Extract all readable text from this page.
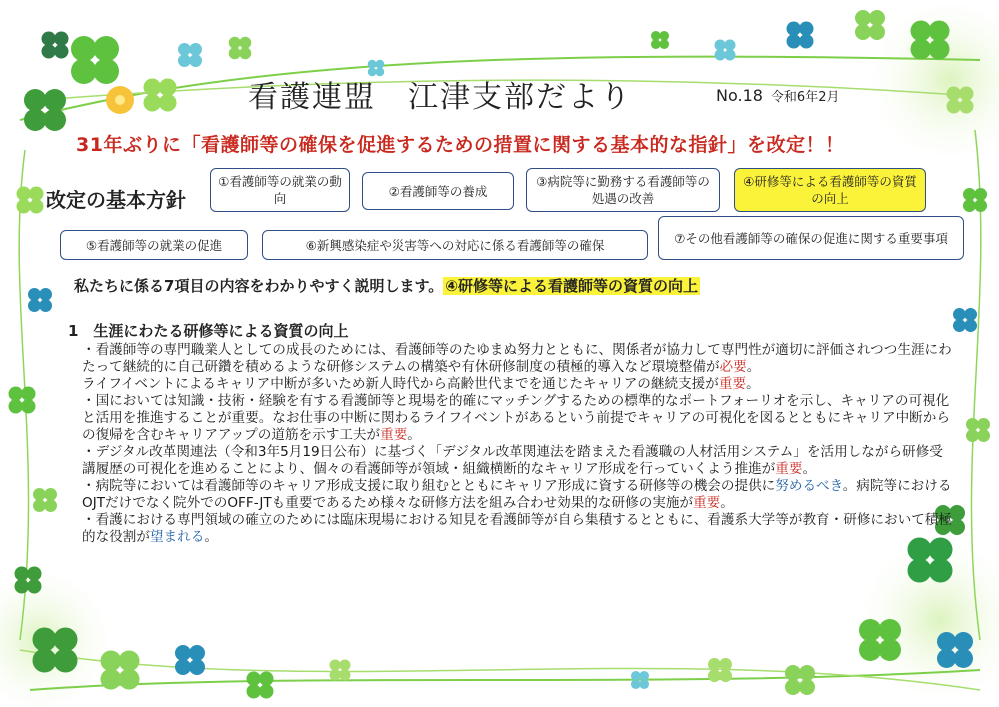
看護連盟　江津支部だより	No.18 令和6年2月
31年ぶりに「看護師等の確保を促進するための措置に関する基本的な指針」を改定！！
改定の基本方針
①看護師等の就業の動向	②看護師等の養成
③病院等に勤務する看護師等の処遇の改善
④研修等による看護師等の資質の向上
⑤看護師等の就業の促進	⑥新興感染症や災害等への対応に係る看護師等の確保	⑦その他看護師等の確保の促進に関する重要事項
私たちに係る7項目の内容をわかりやすく説明します。 ④研修等による看護師等の資質の向上
1　生涯にわたる研修等による資質の向上

・看護師等の専門職業人としての成長のためには、看護師等のたゆまぬ努力とともに、関係者が協力して専門性が適切に評価されつつ生涯にわたって継続的に自己研鑽を積めるような研修システムの構築や有休研修制度の積極的導入など環境整備が必要。

ライフイベントによるキャリア中断が多いため新人時代から高齢世代までを通じたキャリアの継続支援が重要。

・国においては知識・技術・経験を有する看護師等と現場を的確にマッチングするための標準的なポートフォーリオを示し、キャリアの可視化と活用を推進することが重要。なお仕事の中断に関わるライフイベントがあるという前提でキャリアの可視化を図るとともにキャリア中断からの復帰を含むキャリアアップの道筋を示す工夫が重要。

・デジタル改革関連法（令和3年5月19日公布）に基づく「デジタル改革関連法を踏まえた看護職の人材活用システム」を活用しながら研修受講履歴の可視化を進めることにより、個々の看護師等が領域・組織横断的なキャリア形成を行っていくよう推進が重要。

・病院等においては看護師等のキャリア形成支援に取り組むとともにキャリア形成に資する研修等の機会の提供に努めるべき。病院等におけるOJTだけでなく院外でのOFF-JTも重要であるため様々な研修方法を組み合わせ効果的な研修の実施が重要。

・看護における専門領域の確立のためには臨床現場における知見を看護師等が自ら集積するとともに、看護系大学等が教育・研修において積極的な役割が望まれる。
